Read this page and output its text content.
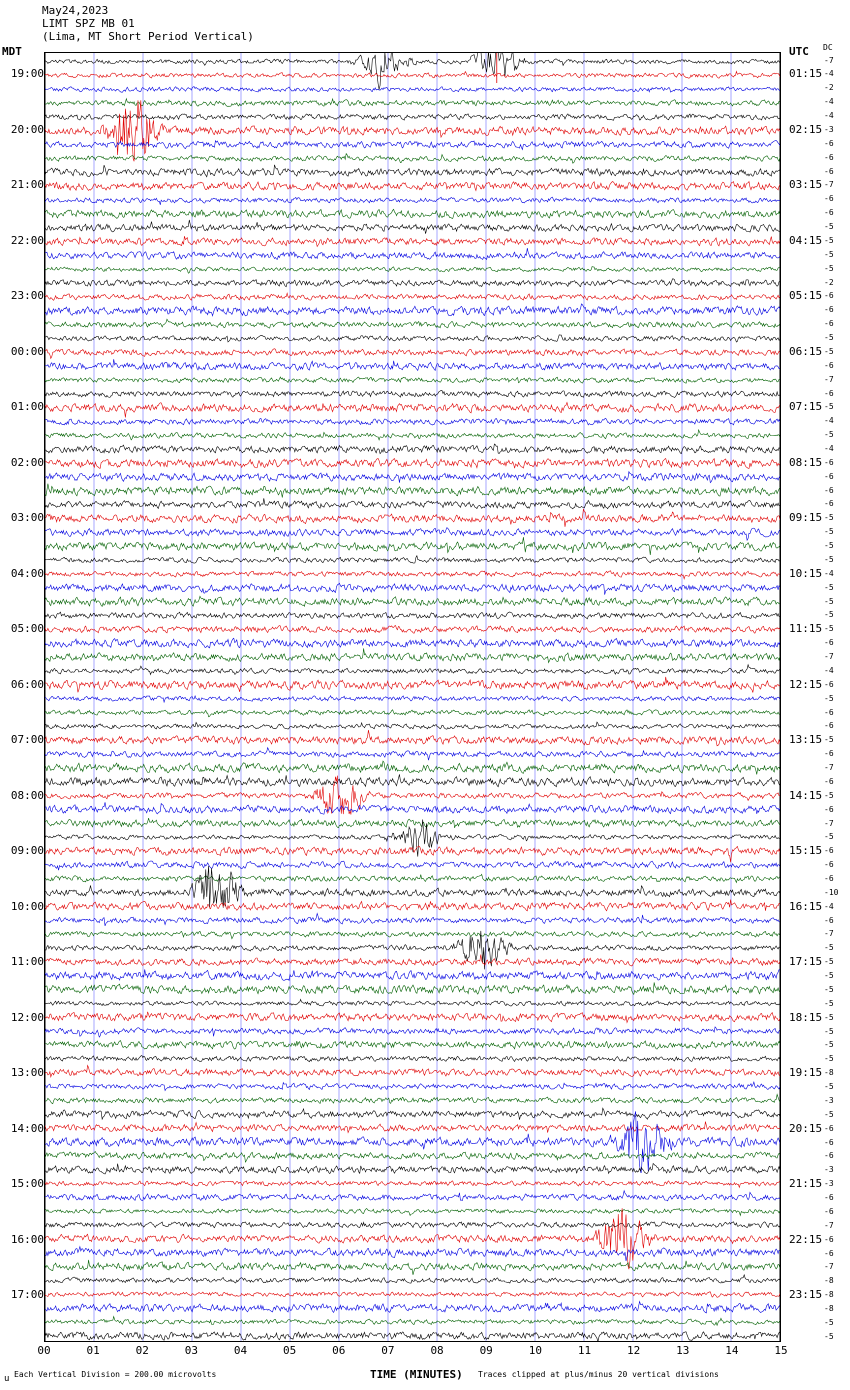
May24,2023
LIMT SPZ MB 01
(Lima, MT Short Period Vertical)
MDT	UTC DC
19:00
20:00
21:00
22:00
23:00
00:00
01:00
02:00
03:00
04:00
05:00
06:00
07:00
08:00
09:00
10:00
11:00
12:00
13:00
14:00
15:00
16:00
17:00
01:15
02:15
03:15
04:15
05:15
06:15
07:15
08:15
09:15
10:15
11:15
12:15
13:15
14:15
15:15
16:15
17:15
18:15
19:15
20:15
21:15
22:15
23:15
-7
-4
-2
-4
-4
-3
-6
-6
-6
-7
-6
-6
-5
-5
-5
-5
-2
-6
-6
-6
-5
-5
-6
-7
-6
-5
-4
-5
-4
-6
-6
-6
-6
-5
-5
-5
-5
-4
-5
-5
-5
-5
-6
-7
-4
-6
-5
-6
-6
-5
-6
-7
-6
-5
-6
-7
-5
-6
-6
-6
-10
-4
-6
-7
-5
-5
-5
-5
-5
-5
-5
-5
-5
-8
-5
-3
-5
-6
-6
-6
-3
-3
-6
-6
-7
-6
-6
-7
-8
-8
-8
-5
-5
00	01	02	03	04	05	06	07	08	09	10	11	12	13	14	15
u Each Vertical Division = 200.00 microvolts	TIME (MINUTES) Traces clipped at plus/minus 20 vertical divisions
